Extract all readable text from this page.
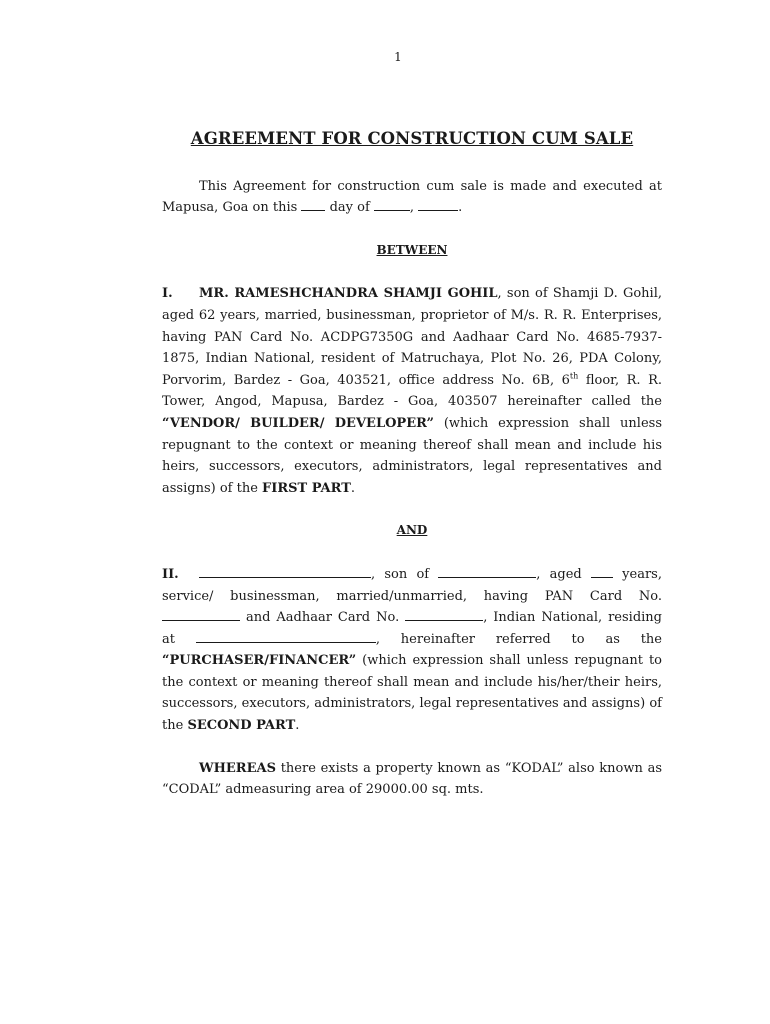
1
AGREEMENT FOR CONSTRUCTION CUM SALE

This Agreement for construction cum sale is made and executed at Mapusa, Goa on this  day of	,	.

BETWEEN

I. MR. RAMESHCHANDRA SHAMJI GOHIL, son of Shamji D. Gohil, aged 62 years, married, businessman, proprietor of M/s. R. R. Enterprises, having PAN Card No. ACDPG7350G and Aadhaar Card No. 4685-7937-1875, Indian National, resident of Matruchaya, Plot No. 26, PDA Colony, Porvorim, Bardez - Goa, 403521, office address No. 6B, 6th floor, R. R. Tower, Angod, Mapusa, Bardez - Goa, 403507 hereinafter called the “VENDOR/ BUILDER/ DEVELOPER” (which expression shall unless repugnant to the context or meaning thereof shall mean and include his heirs, successors, executors, administrators, legal representatives and assigns) of the FIRST PART.

AND

II.	, son of	, aged  years, service/ businessman, married/unmarried, having PAN Card No.  and Aadhaar Card No.	, Indian National, residing at	, hereinafter referred to as the “PURCHASER/FINANCER” (which expression shall unless repugnant to the context or meaning thereof shall mean and include his/her/their heirs, successors, executors, administrators, legal representatives and assigns) of the SECOND PART.

WHEREAS there exists a property known as “KODAL” also known as “CODAL” admeasuring area of 29000.00 sq. mts.
